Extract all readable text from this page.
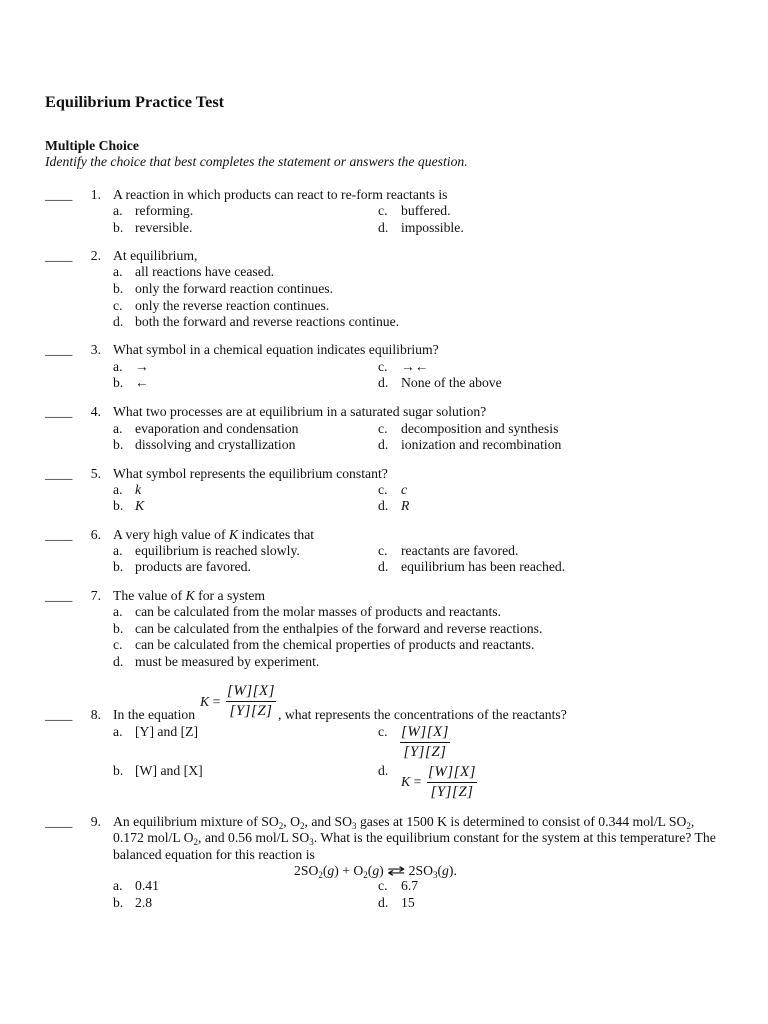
Equilibrium Practice Test
Multiple Choice
Identify the choice that best completes the statement or answers the question.
____	1. A reaction in which products can react to re-form reactants is
a. reforming.	c. buffered.
b. reversible.	d. impossible.
____	2. At equilibrium,
a. all reactions have ceased.
b. only the forward reaction continues.
c. only the reverse reaction continues.
d. both the forward and reverse reactions continue.
____	3. What symbol in a chemical equation indicates equilibrium?
a. →	c. →←
b. ←	d. None of the above
____	4. What two processes are at equilibrium in a saturated sugar solution?
a. evaporation and condensation	c. decomposition and synthesis
b. dissolving and crystallization	d. ionization and recombination
____	5. What symbol represents the equilibrium constant?
a. k	c. c
b. K	d. R
____	6. A very high value of K indicates that
a. equilibrium is reached slowly.	c. reactants are favored.
b. products are favored.	d. equilibrium has been reached.
____	7. The value of K for a system
a. can be calculated from the molar masses of products and reactants.
b. can be calculated from the enthalpies of the forward and reverse reactions.
c. can be calculated from the chemical properties of products and reactants.
d. must be measured by experiment.
____	8. In the equation
$K = \frac{[W][X]}{[Y][Z]}$ , what represents the concentrations of the reactants?
a. [Y] and [Z]	c. $\frac{[W][X]}{[Y][Z]}$
b. [W] and [X]	d.
$K = \frac{[W][X]}{[Y][Z]}$
____	9. An equilibrium mixture of $SO_2$, $O_2$, and $SO_3$ gases at 1500 K is determined to consist of 0.344 mol/L $SO_2$,
0.172 mol/L $O_2$, and 0.56 mol/L $SO_3$. What is the equilibrium constant for the system at this temperature? The
balanced equation for this reaction is
$2SO_2(g) + O_2(g)$ ⇄ $2SO_3(g)$.
a. 0.41	c. 6.7
b. 2.8	d. 15
